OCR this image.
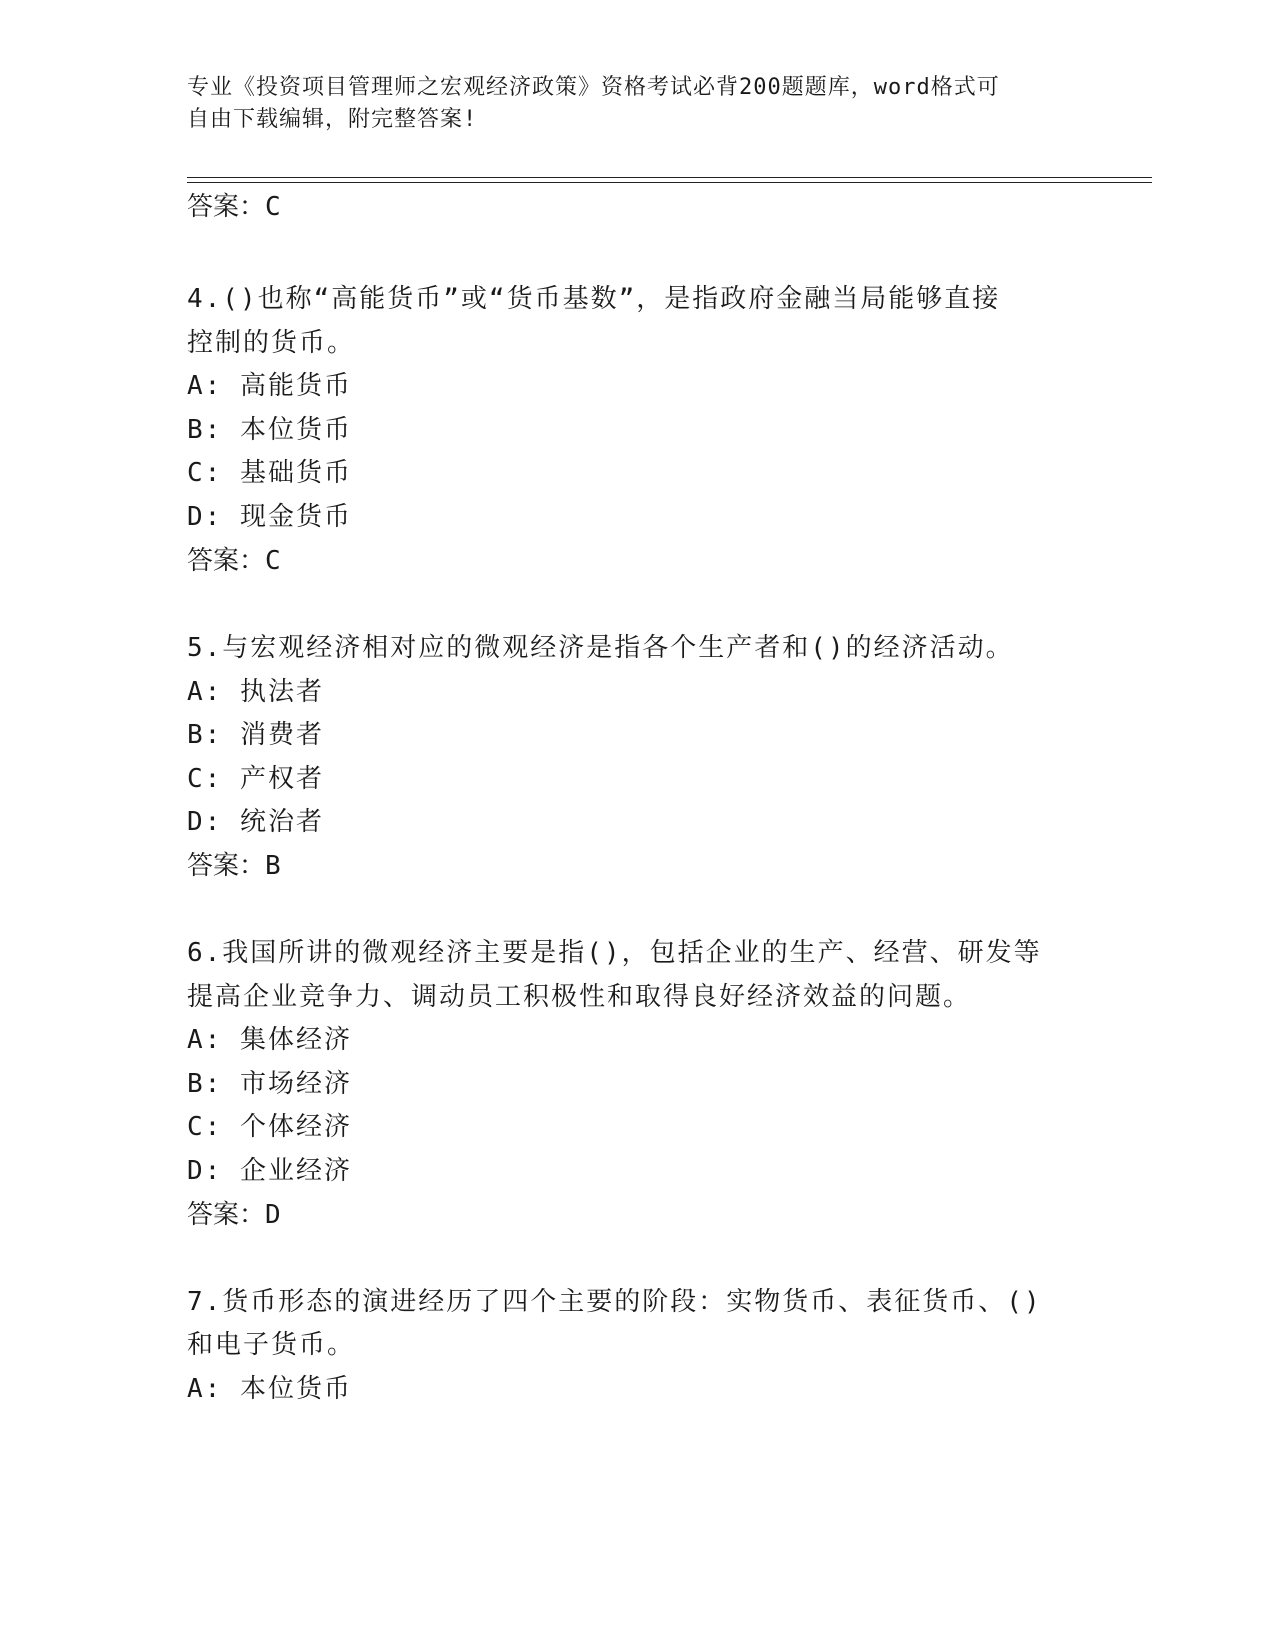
专业《投资项目管理师之宏观经济政策》资格考试必背200题题库，word格式可
自由下载编辑，附完整答案!
答案：C
4.()也称“高能货币”或“货币基数”，是指政府金融当局能够直接
控制的货币。
A: 高能货币
B: 本位货币
C: 基础货币
D: 现金货币
答案：C
5.与宏观经济相对应的微观经济是指各个生产者和()的经济活动。
A: 执法者
B: 消费者
C: 产权者
D: 统治者
答案：B
6.我国所讲的微观经济主要是指()，包括企业的生产、经营、研发等
提高企业竞争力、调动员工积极性和取得良好经济效益的问题。
A: 集体经济
B: 市场经济
C: 个体经济
D: 企业经济
答案：D
7.货币形态的演进经历了四个主要的阶段：实物货币、表征货币、()
和电子货币。
A: 本位货币
